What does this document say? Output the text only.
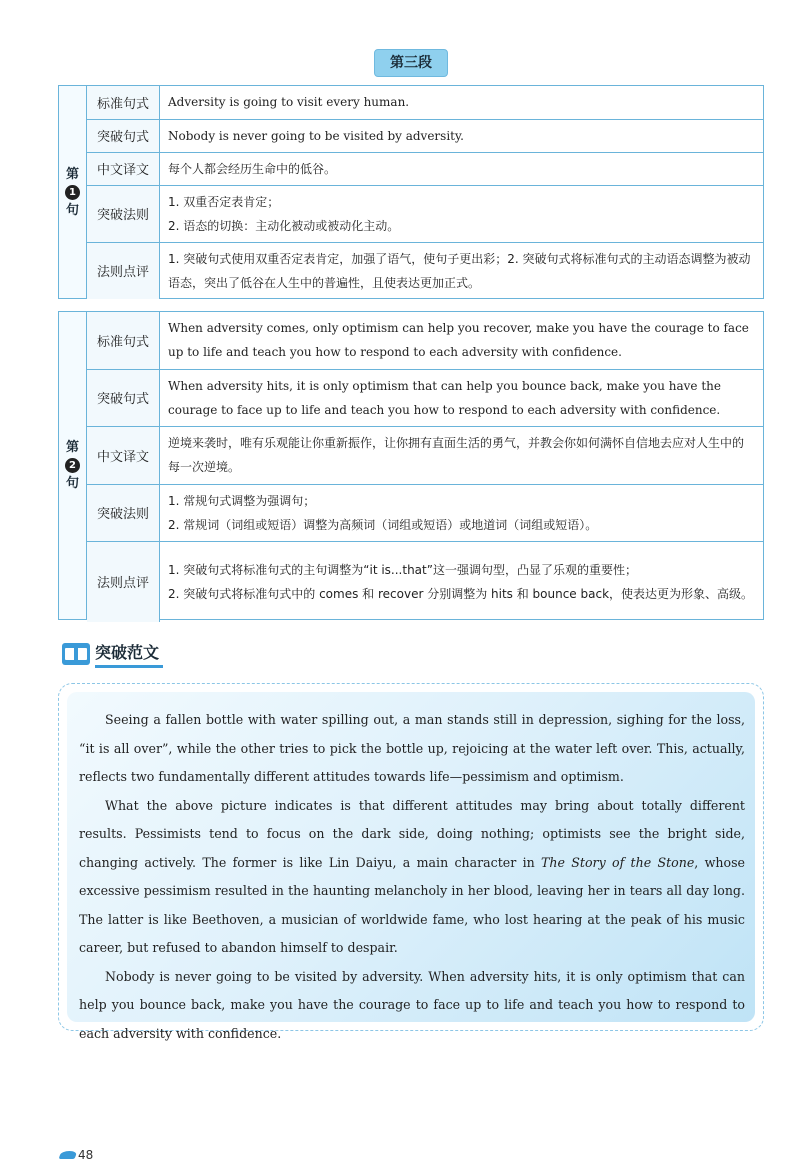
第三段
第
1
句
标准句式	Adversity is going to visit every human.
突破句式	Nobody is never going to be visited by adversity.
中文译文	每个人都会经历生命中的低谷。
突破法则	1. 双重否定表肯定；
2. 语态的切换：主动化被动或被动化主动。

法则点评	1. 突破句式使用双重否定表肯定，加强了语气，使句子更出彩；2. 突破句式将标准句式的主动语态调整为被动语态，突出了低谷在人生中的普遍性，且使表达更加正式。
第
2
句
标准句式	When adversity comes, only optimism can help you recover, make you have the courage to face up to life and teach you how to respond to each adversity with confidence.
突破句式	When adversity hits, it is only optimism that can help you bounce back, make you have the courage to face up to life and teach you how to respond to each adversity with confidence.
中文译文	逆境来袭时，唯有乐观能让你重新振作，让你拥有直面生活的勇气，并教会你如何满怀自信地去应对人生中的每一次逆境。
突破法则	1. 常规句式调整为强调句；
2. 常规词（词组或短语）调整为高频词（词组或短语）或地道词（词组或短语）。

法则点评	1. 突破句式将标准句式的主句调整为“it is...that”这一强调句型，凸显了乐观的重要性；
2. 突破句式将标准句式中的 comes 和 recover 分别调整为 hits 和 bounce back，使表达更为形象、高级。
突破范文

Seeing a fallen bottle with water spilling out, a man stands still in depression, sighing for the loss, “it is all over”, while the other tries to pick the bottle up, rejoicing at the water left over. This, actually, reflects two fundamentally different attitudes towards life—pessimism and optimism.

What the above picture indicates is that different attitudes may bring about totally different results. Pessimists tend to focus on the dark side, doing nothing; optimists see the bright side, changing actively. The former is like Lin Daiyu, a main character in The Story of the Stone, whose excessive pessimism resulted in the haunting melancholy in her blood, leaving her in tears all day long. The latter is like Beethoven, a musician of worldwide fame, who lost hearing at the peak of his music career, but refused to abandon himself to despair.

Nobody is never going to be visited by adversity. When adversity hits, it is only optimism that can help you bounce back, make you have the courage to face up to life and teach you how to respond to each adversity with confidence.

48
